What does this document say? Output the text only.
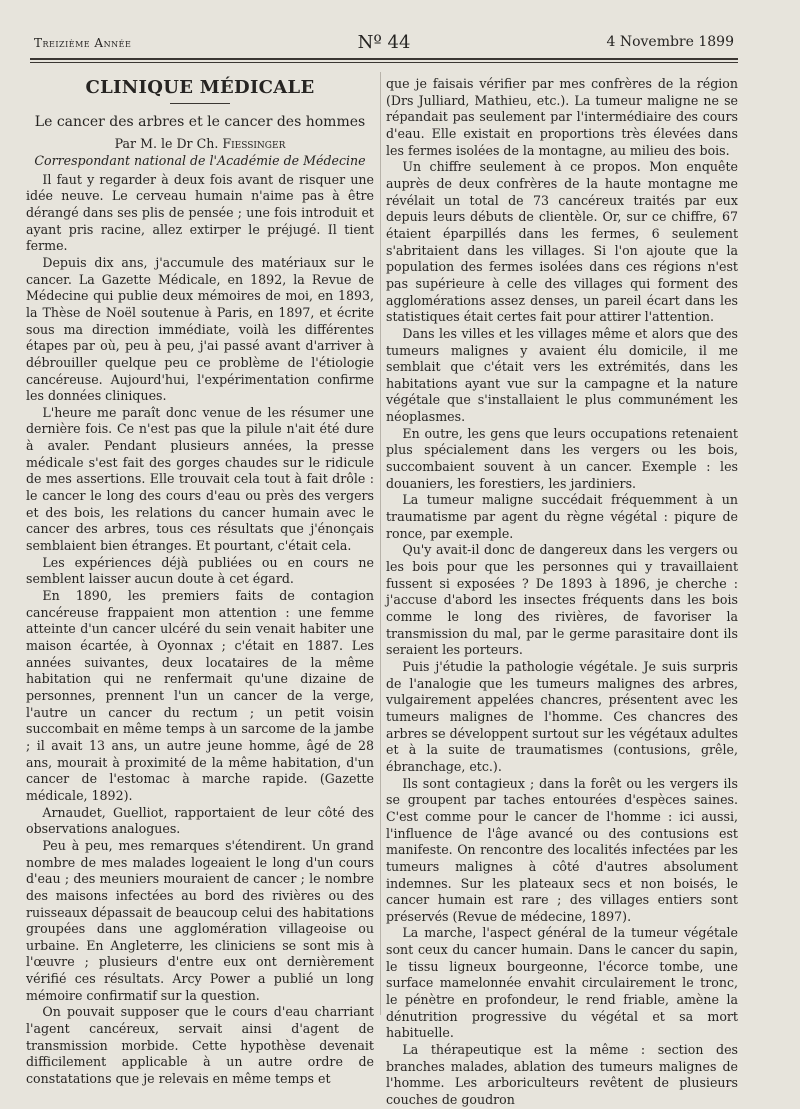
Treizième Année	Nº 44	4 Novembre 1899
CLINIQUE MÉDICALE
Le cancer des arbres et le cancer des hommes
Par M. le Dr Ch. Fiessinger
Correspondant national de l'Académie de Médecine

Il faut y regarder à deux fois avant de risquer une idée neuve. Le cerveau humain n'aime pas à être dérangé dans ses plis de pensée ; une fois introduit et ayant pris racine, allez extirper le préjugé. Il tient ferme.

Depuis dix ans, j'accumule des matériaux sur le cancer. La Gazette Médicale, en 1892, la Revue de Médecine qui publie deux mémoires de moi, en 1893, la Thèse de Noël soutenue à Paris, en 1897, et écrite sous ma direction immédiate, voilà les différentes étapes par où, peu à peu, j'ai passé avant d'arriver à débrouiller quelque peu ce problème de l'étiologie cancéreuse. Aujourd'hui, l'expérimentation confirme les données cliniques.

L'heure me paraît donc venue de les résumer une dernière fois. Ce n'est pas que la pilule n'ait été dure à avaler. Pendant plusieurs années, la presse médicale s'est fait des gorges chaudes sur le ridicule de mes assertions. Elle trouvait cela tout à fait drôle : le cancer le long des cours d'eau ou près des vergers et des bois, les relations du cancer humain avec le cancer des arbres, tous ces résultats que j'énonçais semblaient bien étranges. Et pourtant, c'était cela.

Les expériences déjà publiées ou en cours ne semblent laisser aucun doute à cet égard.

En 1890, les premiers faits de contagion cancéreuse frappaient mon attention : une femme atteinte d'un cancer ulcéré du sein venait habiter une maison écartée, à Oyonnax ; c'était en 1887. Les années suivantes, deux locataires de la même habitation qui ne renfermait qu'une dizaine de personnes, prennent l'un un cancer de la verge, l'autre un cancer du rectum ; un petit voisin succombait en même temps à un sarcome de la jambe ; il avait 13 ans, un autre jeune homme, âgé de 28 ans, mourait à proximité de la même habitation, d'un cancer de l'estomac à marche rapide. (Gazette médicale, 1892).

Arnaudet, Guelliot, rapportaient de leur côté des observations analogues.

Peu à peu, mes remarques s'étendirent. Un grand nombre de mes malades logeaient le long d'un cours d'eau ; des meuniers mouraient de cancer ; le nombre des maisons infectées au bord des rivières ou des ruisseaux dépassait de beaucoup celui des habitations groupées dans une agglomération villageoise ou urbaine. En Angleterre, les cliniciens se sont mis à l'œuvre ; plusieurs d'entre eux ont dernièrement vérifié ces résultats. Arcy Power a publié un long mémoire confirmatif sur la question.

On pouvait supposer que le cours d'eau charriant l'agent cancéreux, servait ainsi d'agent de transmission morbide. Cette hypothèse devenait difficilement applicable à un autre ordre de constatations que je relevais en même temps et

que je faisais vérifier par mes confrères de la région (Drs Julliard, Mathieu, etc.). La tumeur maligne ne se répandait pas seulement par l'intermédiaire des cours d'eau. Elle existait en proportions très élevées dans les fermes isolées de la montagne, au milieu des bois.

Un chiffre seulement à ce propos. Mon enquête auprès de deux confrères de la haute montagne me révélait un total de 73 cancéreux traités par eux depuis leurs débuts de clientèle. Or, sur ce chiffre, 67 étaient éparpillés dans les fermes, 6 seulement s'abritaient dans les villages. Si l'on ajoute que la population des fermes isolées dans ces régions n'est pas supérieure à celle des villages qui forment des agglomérations assez denses, un pareil écart dans les statistiques était certes fait pour attirer l'attention.

Dans les villes et les villages même et alors que des tumeurs malignes y avaient élu domicile, il me semblait que c'était vers les extrémités, dans les habitations ayant vue sur la campagne et la nature végétale que s'installaient le plus communément les néoplasmes.

En outre, les gens que leurs occupations retenaient plus spécialement dans les vergers ou les bois, succombaient souvent à un cancer. Exemple : les douaniers, les forestiers, les jardiniers.

La tumeur maligne succédait fréquemment à un traumatisme par agent du règne végétal : piqure de ronce, par exemple.

Qu'y avait-il donc de dangereux dans les vergers ou les bois pour que les personnes qui y travaillaient fussent si exposées ? De 1893 à 1896, je cherche : j'accuse d'abord les insectes fréquents dans les bois comme le long des rivières, de favoriser la transmission du mal, par le germe parasitaire dont ils seraient les porteurs.

Puis j'étudie la pathologie végétale. Je suis surpris de l'analogie que les tumeurs malignes des arbres, vulgairement appelées chancres, présentent avec les tumeurs malignes de l'homme. Ces chancres des arbres se développent surtout sur les végétaux adultes et à la suite de traumatismes (contusions, grêle, ébranchage, etc.).

Ils sont contagieux ; dans la forêt ou les vergers ils se groupent par taches entourées d'espèces saines. C'est comme pour le cancer de l'homme : ici aussi, l'influence de l'âge avancé ou des contusions est manifeste. On rencontre des localités infectées par les tumeurs malignes à côté d'autres absolument indemnes. Sur les plateaux secs et non boisés, le cancer humain est rare ; des villages entiers sont préservés (Revue de médecine, 1897).

La marche, l'aspect général de la tumeur végétale sont ceux du cancer humain. Dans le cancer du sapin, le tissu ligneux bourgeonne, l'écorce tombe, une surface mamelonnée envahit circulairement le tronc, le pénètre en profondeur, le rend friable, amène la dénutrition progressive du végétal et sa mort habituelle.

La thérapeutique est la même : section des branches malades, ablation des tumeurs malignes de l'homme. Les arboriculteurs revêtent de plusieurs couches de goudron
